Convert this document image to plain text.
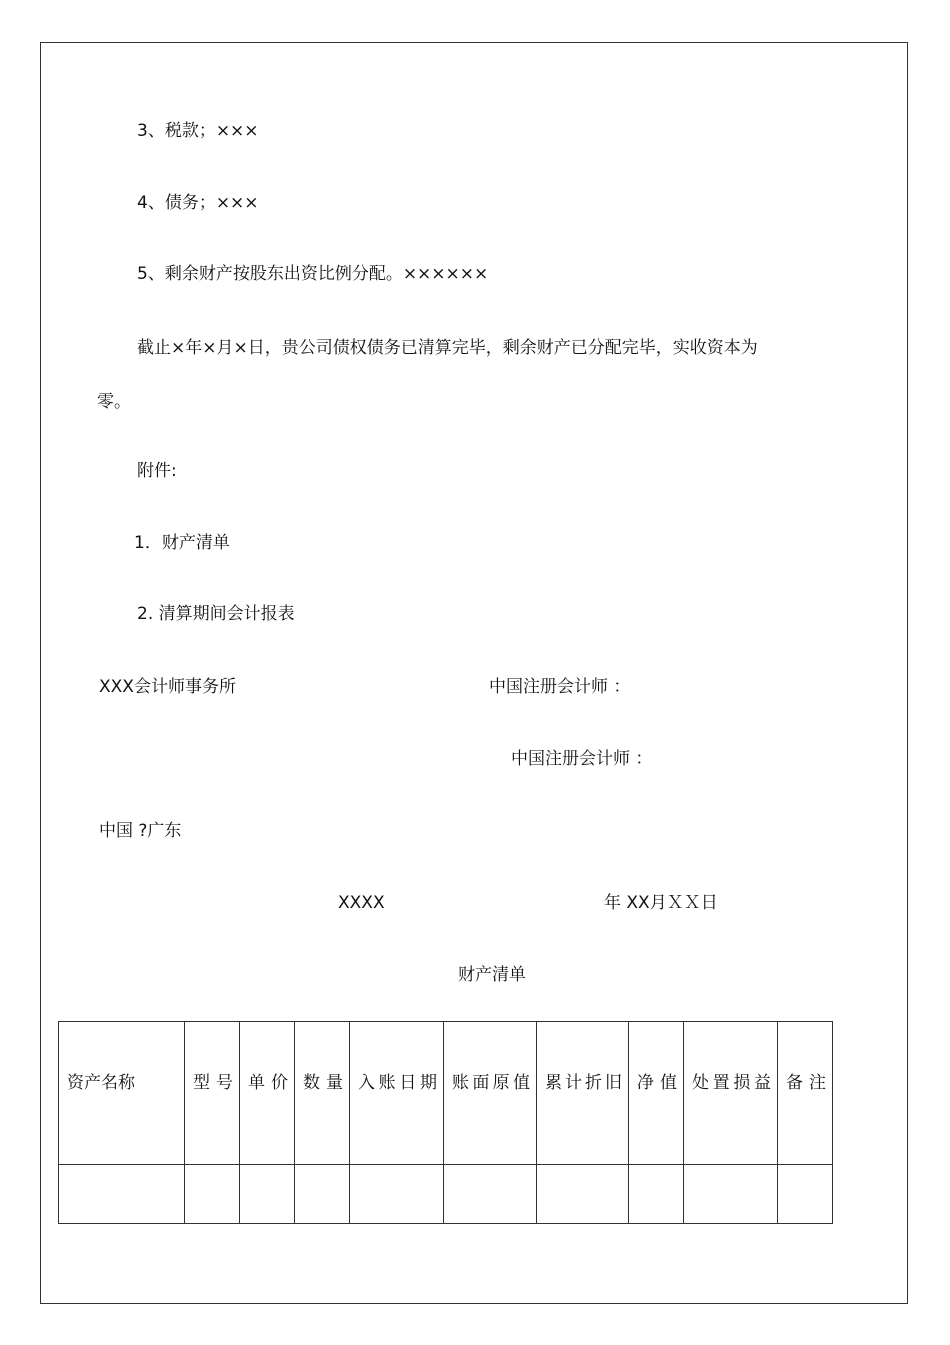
3、税款；×××
4、债务；×××
5、剩余财产按股东出资比例分配。××××××
截止×年×月×日，贵公司债权债务已清算完毕，剩余财产已分配完毕，实收资本为
零。
附件:
1．财产清单
2. 清算期间会计报表
XXX会计师事务所	中国注册会计师 ：
中国注册会计师 ：
中国 ?广东
XXXX	年 XX月ＸＸ日
财产清单
资产名称	型号	单价	数量	入账日期	账面原值	累计折旧	净值	处置损益	备注
